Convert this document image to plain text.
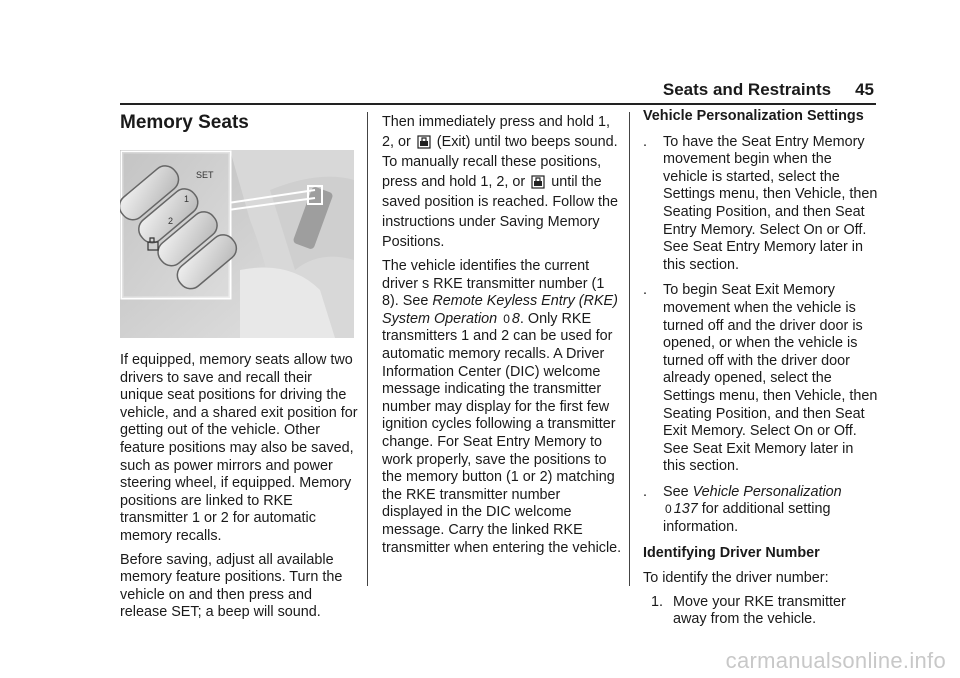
Seats and Restraints 45
Memory Seats
SET
1
2

If equipped, memory seats allow two drivers to save and recall their unique seat positions for driving the vehicle, and a shared exit position for getting out of the vehicle. Other feature positions may also be saved, such as power mirrors and power steering wheel, if equipped. Memory positions are linked to RKE transmitter 1 or 2 for automatic memory recalls.

Before saving, adjust all available memory feature positions. Turn the vehicle on and then press and release SET; a beep will sound.

Then immediately press and hold 1, 2, or (Exit) until two beeps sound. To manually recall these positions, press and hold 1, 2, or until the saved position is reached. Follow the instructions under Saving Memory Positions.

The vehicle identifies the current driver s RKE transmitter number (1 8). See Remote Keyless Entry (RKE) System Operation 0 8. Only RKE transmitters 1 and 2 can be used for automatic memory recalls. A Driver Information Center (DIC) welcome message indicating the transmitter number may display for the first few ignition cycles following a transmitter change. For Seat Entry Memory to work properly, save the positions to the memory button (1 or 2) matching the RKE transmitter number displayed in the DIC welcome message. Carry the linked RKE transmitter when entering the vehicle.

Vehicle Personalization Settings
. To have the Seat Entry Memory movement begin when the vehicle is started, select the Settings menu, then Vehicle, then Seating Position, and then Seat Entry Memory. Select On or Off. See Seat Entry Memory later in this section.
. To begin Seat Exit Memory movement when the vehicle is turned off and the driver door is opened, or when the vehicle is turned off with the driver door already opened, select the Settings menu, then Vehicle, then Seating Position, and then Seat Exit Memory. Select On or Off. See Seat Exit Memory later in this section.
. See Vehicle Personalization
0 137 for additional setting information.
Identifying Driver Number

To identify the driver number:

1. Move your RKE transmitter away from the vehicle.
carmanualsonline.info
